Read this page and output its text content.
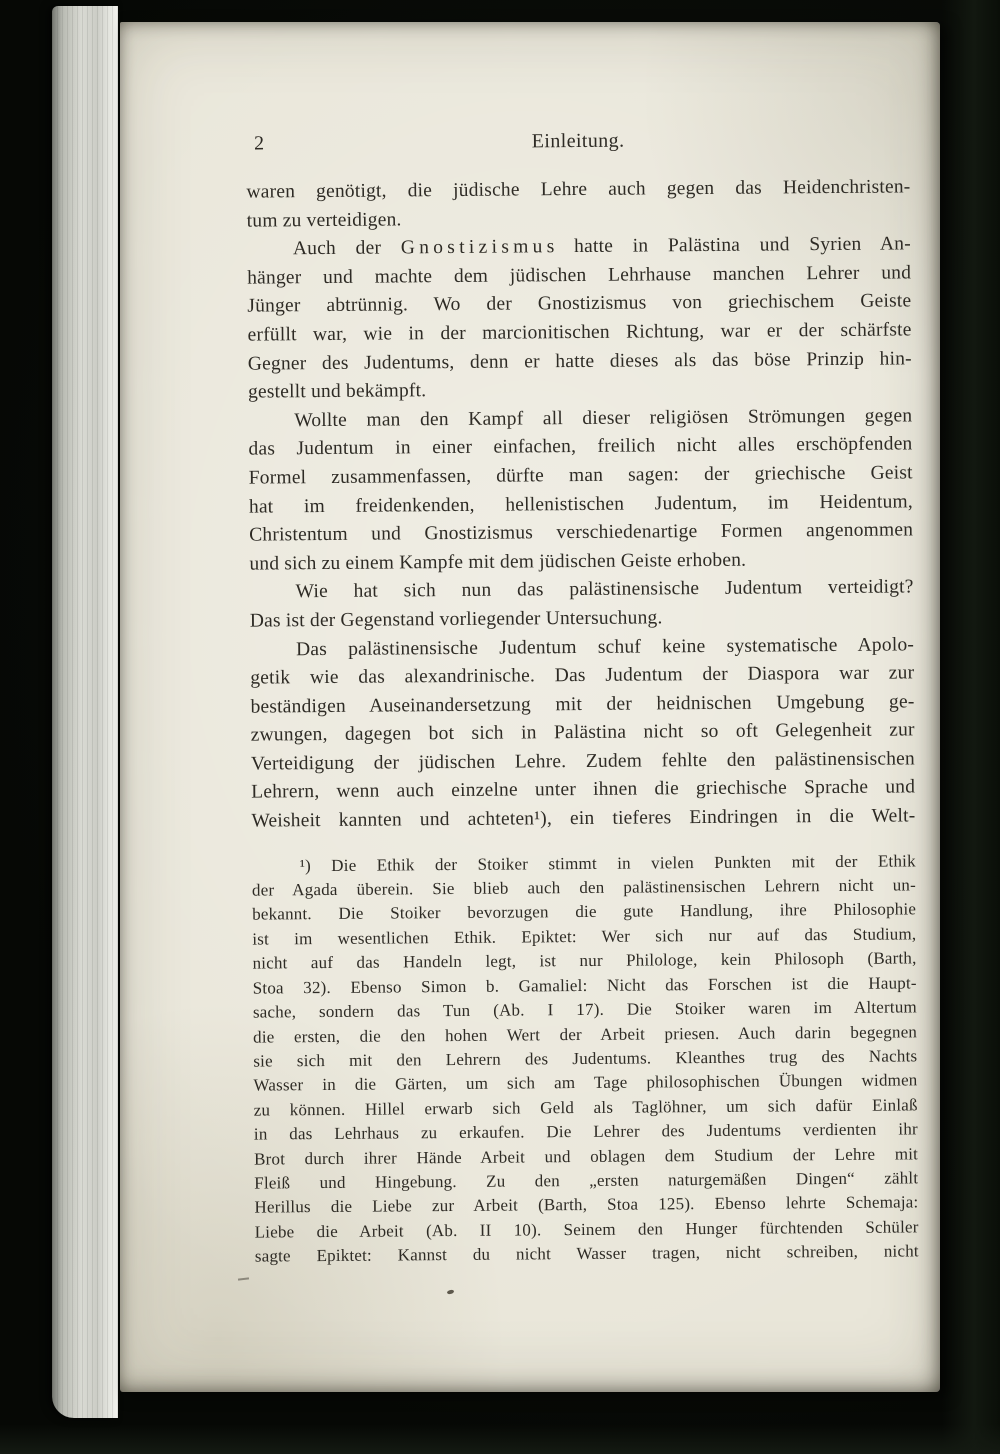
2	Einleitung.
waren genötigt, die jüdische Lehre auch gegen das Heidenchristen-
tum zu verteidigen.
Auch der G n o s t i z i s m u s hatte in Palästina und Syrien An-
hänger und machte dem jüdischen Lehrhause manchen Lehrer und
Jünger abtrünnig. Wo der Gnostizismus von griechischem Geiste
erfüllt war, wie in der marcionitischen Richtung, war er der schärfste
Gegner des Judentums, denn er hatte dieses als das böse Prinzip hin-
gestellt und bekämpft.
Wollte man den Kampf all dieser religiösen Strömungen gegen
das Judentum in einer einfachen, freilich nicht alles erschöpfenden
Formel zusammenfassen, dürfte man sagen: der griechische Geist
hat im freidenkenden, hellenistischen Judentum, im Heidentum,
Christentum und Gnostizismus verschiedenartige Formen angenommen
und sich zu einem Kampfe mit dem jüdischen Geiste erhoben.
Wie hat sich nun das palästinensische Judentum verteidigt?
Das ist der Gegenstand vorliegender Untersuchung.
Das palästinensische Judentum schuf keine systematische Apolo-
getik wie das alexandrinische. Das Judentum der Diaspora war zur
beständigen Auseinandersetzung mit der heidnischen Umgebung ge-
zwungen, dagegen bot sich in Palästina nicht so oft Gelegenheit zur
Verteidigung der jüdischen Lehre. Zudem fehlte den palästinensischen
Lehrern, wenn auch einzelne unter ihnen die griechische Sprache und
Weisheit kannten und achteten¹), ein tieferes Eindringen in die Welt-
¹) Die Ethik der Stoiker stimmt in vielen Punkten mit der Ethik
der Agada überein. Sie blieb auch den palästinensischen Lehrern nicht un-
bekannt. Die Stoiker bevorzugen die gute Handlung, ihre Philosophie
ist im wesentlichen Ethik. Epiktet: Wer sich nur auf das Studium,
nicht auf das Handeln legt, ist nur Philologe, kein Philosoph (Barth,
Stoa 32). Ebenso Simon b. Gamaliel: Nicht das Forschen ist die Haupt-
sache, sondern das Tun (Ab. I 17). Die Stoiker waren im Altertum
die ersten, die den hohen Wert der Arbeit priesen. Auch darin begegnen
sie sich mit den Lehrern des Judentums. Kleanthes trug des Nachts
Wasser in die Gärten, um sich am Tage philosophischen Übungen widmen
zu können. Hillel erwarb sich Geld als Taglöhner, um sich dafür Einlaß
in das Lehrhaus zu erkaufen. Die Lehrer des Judentums verdienten ihr
Brot durch ihrer Hände Arbeit und oblagen dem Studium der Lehre mit
Fleiß und Hingebung. Zu den „ersten naturgemäßen Dingen“ zählt
Herillus die Liebe zur Arbeit (Barth, Stoa 125). Ebenso lehrte Schemaja:
Liebe die Arbeit (Ab. II 10). Seinem den Hunger fürchtenden Schüler
sagte Epiktet: Kannst du nicht Wasser tragen, nicht schreiben, nicht
